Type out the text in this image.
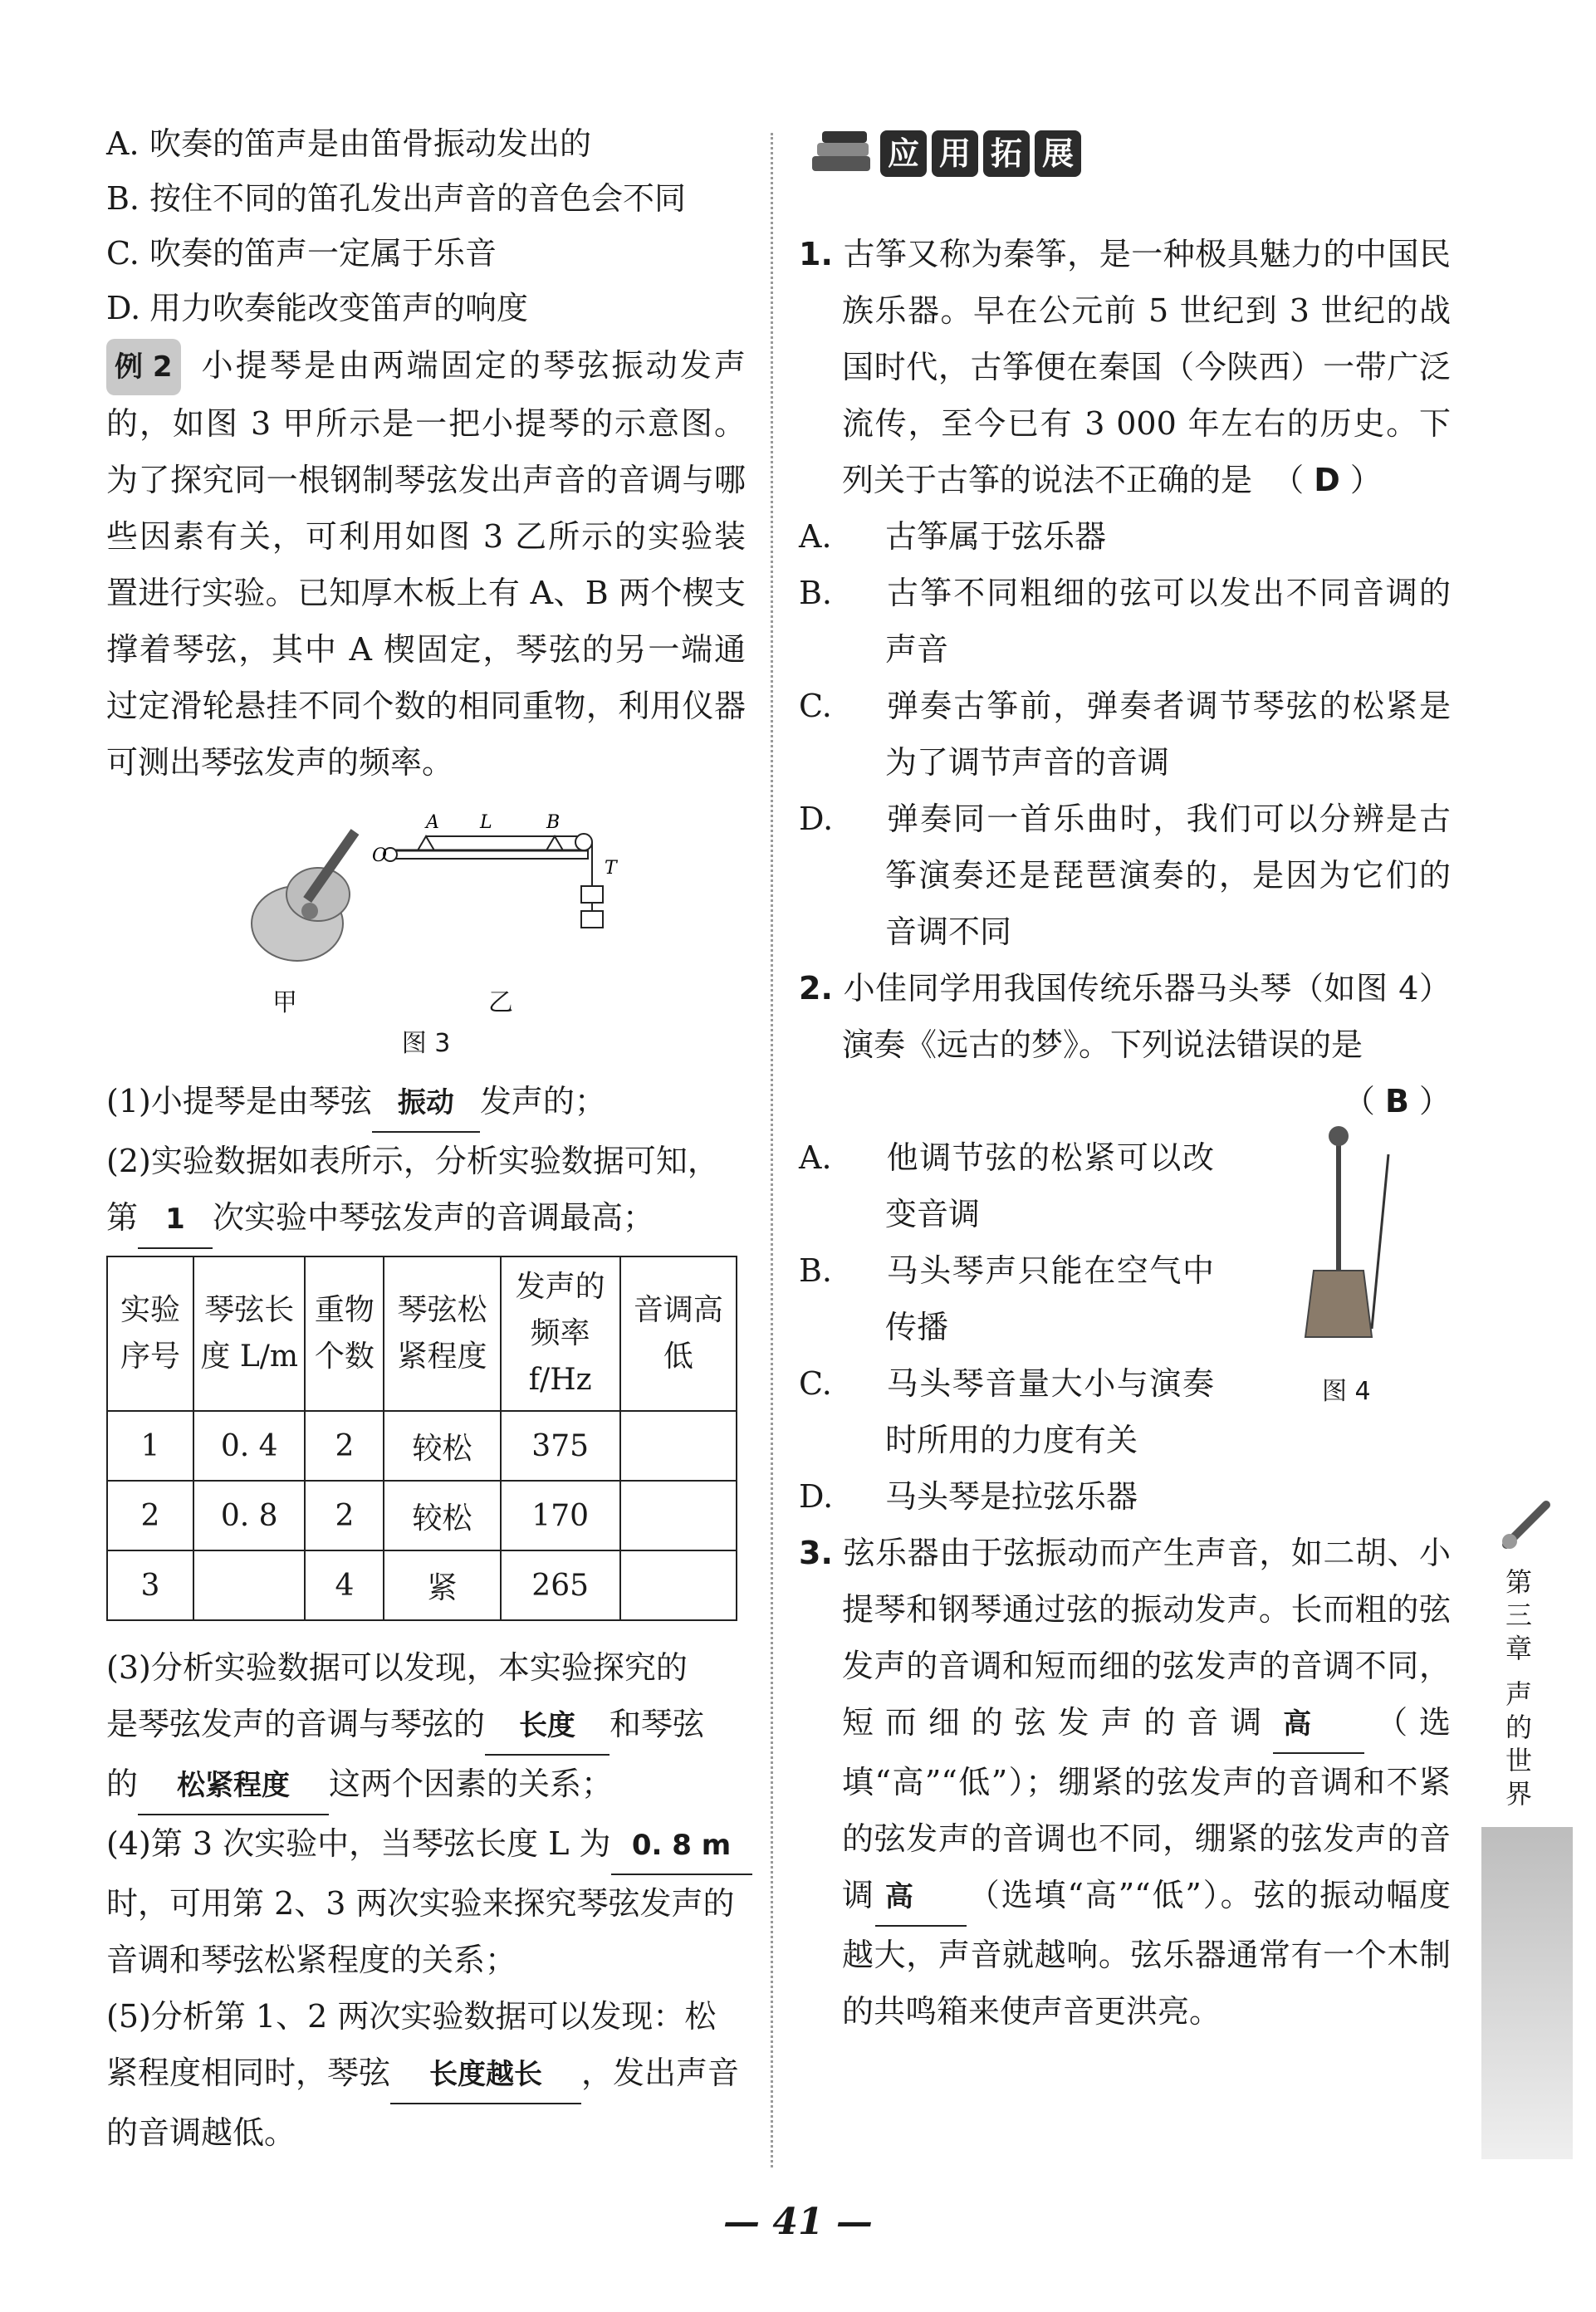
A. 吹奏的笛声是由笛骨振动发出的
B. 按住不同的笛孔发出声音的音色会不同
C. 吹奏的笛声一定属于乐音
D. 用力吹奏能改变笛声的响度
例 2 小提琴是由两端固定的琴弦振动发声的，如图 3 甲所示是一把小提琴的示意图。为了探究同一根钢制琴弦发出声音的音调与哪些因素有关，可利用如图 3 乙所示的实验装置进行实验。已知厚木板上有 A、B 两个楔支撑着琴弦，其中 A 楔固定，琴弦的另一端通过定滑轮悬挂不同个数的相同重物，利用仪器可测出琴弦发声的频率。
甲
A L	B
O
T
乙
图 3
(1)小提琴是由琴弦 振动 发声的；
(2)实验数据如表所示，分析实验数据可知，
第 1 次实验中琴弦发声的音调最高；
实验序号	琴弦长度 L/m	重物个数	琴弦松紧程度	发声的频率 f/Hz	音调高低
1	0. 4	2	较松	375	
2	0. 8	2	较松	170	
3		4	紧	265	
(3)分析实验数据可以发现，本实验探究的
是琴弦发声的音调与琴弦的 长度 和琴弦
的 松紧程度 这两个因素的关系；
(4)第 3 次实验中，当琴弦长度 L 为 0. 8 m
时，可用第 2、3 两次实验来探究琴弦发声的
音调和琴弦松紧程度的关系；
(5)分析第 1、2 两次实验数据可以发现：松
紧程度相同时，琴弦 长度越长 ，发出声音
的音调越低。
应 用 拓 展
1. 古筝又称为秦筝，是一种极具魅力的中国民族乐器。早在公元前 5 世纪到 3 世纪的战国时代，古筝便在秦国（今陕西）一带广泛流传，至今已有 3 000 年左右的历史。下列关于古筝的说法不正确的是  （ D ）
A. 古筝属于弦乐器
B. 古筝不同粗细的弦可以发出不同音调的声音
C. 弹奏古筝前，弹奏者调节琴弦的松紧是为了调节声音的音调
D. 弹奏同一首乐曲时，我们可以分辨是古筝演奏还是琵琶演奏的，是因为它们的音调不同
2. 小佳同学用我国传统乐器马头琴（如图 4）演奏《远古的梦》。下列说法错误的是
（ B ）
A. 他调节弦的松紧可以改变音调
B. 马头琴声只能在空气中传播
C. 马头琴音量大小与演奏时所用的力度有关
D. 马头琴是拉弦乐器
图 4
3. 弦乐器由于弦振动而产生声音，如二胡、小提琴和钢琴通过弦的振动发声。长而粗的弦发声的音调和短而细的弦发声的音调不同，短而细的弦发声的音调 高 （选填“高”“低”）；绷紧的弦发声的音调和不紧的弦发声的音调也不同，绷紧的弦发声的音调 高 （选填“高”“低”）。弦的振动幅度越大，声音就越响。弦乐器通常有一个木制的共鸣箱来使声音更洪亮。
第
三
章
声
的
世
界
— 41 —
